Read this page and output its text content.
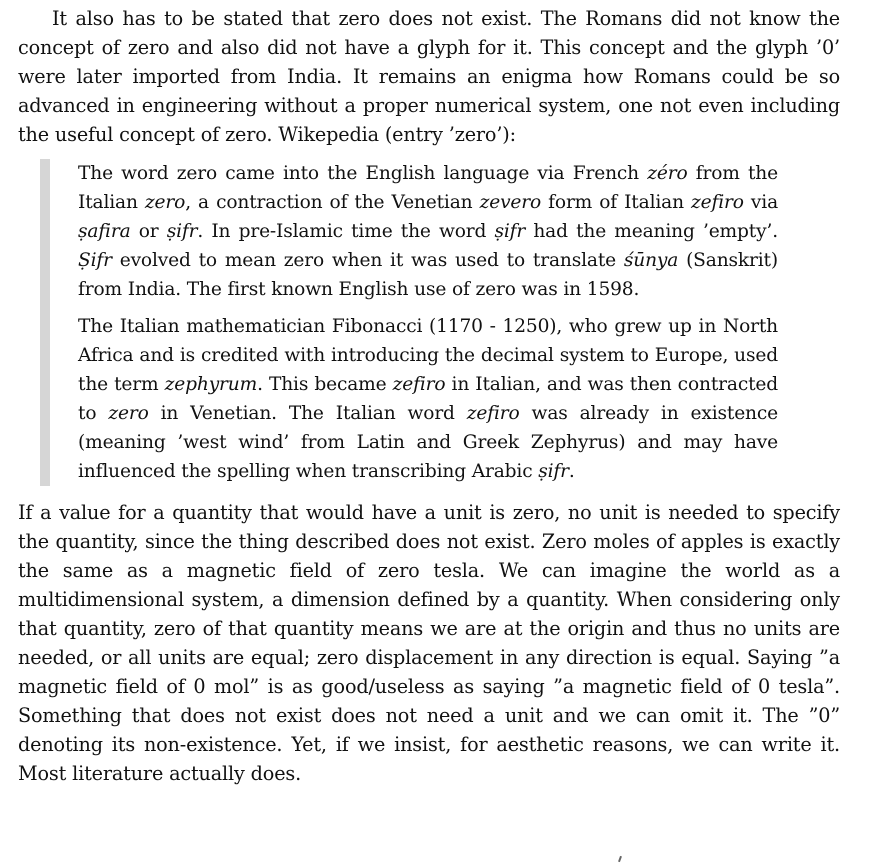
It also has to be stated that zero does not exist. The Romans did not know the concept of zero and also did not have a glyph for it. This concept and the glyph ’0’ were later imported from India. It remains an enigma how Romans could be so advanced in engineering without a proper numerical system, one not even including the useful concept of zero. Wikepedia (entry ’zero’):

The word zero came into the English language via French zéro from the Italian zero, a contraction of the Venetian zevero form of Italian zefiro via ṣafira or ṣifr. In pre-Islamic time the word ṣifr had the meaning ’empty’. Ṣifr evolved to mean zero when it was used to translate śūnya (Sanskrit) from India. The first known English use of zero was in 1598.

The Italian mathematician Fibonacci (1170 - 1250), who grew up in North Africa and is credited with introducing the decimal system to Europe, used the term zephyrum. This became zefiro in Italian, and was then contracted to zero in Venetian. The Italian word zefiro was already in existence (meaning ’west wind’ from Latin and Greek Zephyrus) and may have influenced the spelling when transcribing Arabic ṣifr.

If a value for a quantity that would have a unit is zero, no unit is needed to specify the quantity, since the thing described does not exist. Zero moles of apples is exactly the same as a magnetic field of zero tesla. We can imagine the world as a multidimensional system, a dimension defined by a quantity. When considering only that quantity, zero of that quantity means we are at the origin and thus no units are needed, or all units are equal; zero displacement in any direction is equal. Saying ”a magnetic field of 0 mol” is as good/useless as saying ”a magnetic field of 0 tesla”. Something that does not exist does not need a unit and we can omit it. The ”0” denoting its non-existence. Yet, if we insist, for aesthetic reasons, we can write it. Most literature actually does.
